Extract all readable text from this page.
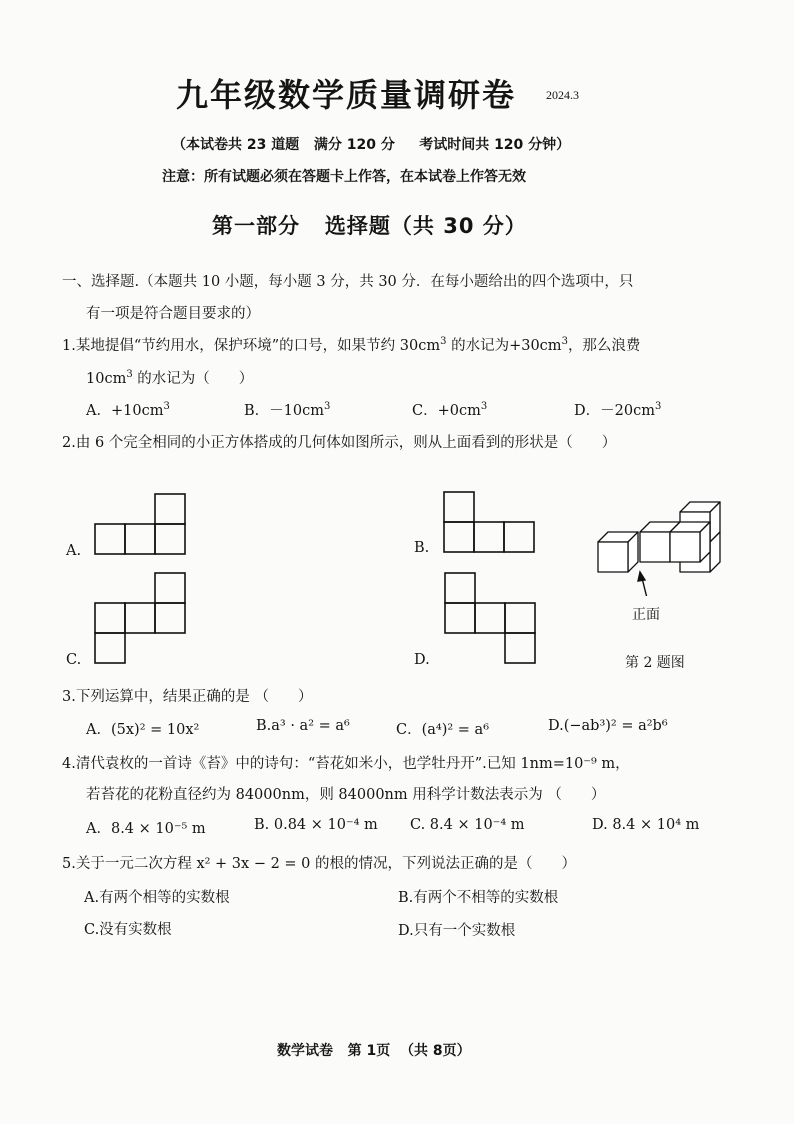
九年级数学质量调研卷 2024.3
（本试卷共 23 道题   满分 120 分     考试时间共 120 分钟）
注意：所有试题必须在答题卡上作答，在本试卷上作答无效
第一部分   选择题（共 30 分）
一、选择题.（本题共 10 小题，每小题 3 分，共 30 分．在每小题给出的四个选项中，只
有一项是符合题目要求的）
1.某地提倡“节约用水，保护环境”的口号，如果节约 $30cm^3$ 的水记为$+30cm^3$，那么浪费
$10cm^3$ 的水记为（　　）
A．$+10cm^3$	B．$-10cm^3$	C．$+0cm^3$	D．$-20cm^3$
2.由 6 个完全相同的小正方体搭成的几何体如图所示，则从上面看到的形状是（　　）
A.	B.
C.	D.
正面
第 2 题图
3.下列运算中，结果正确的是 （　　）
A．(5x)² = 10x²	B.a³ · a² = a⁶	C．(a⁴)² = a⁶	D.(−ab³)² = a²b⁶
4.清代袁枚的一首诗《苔》中的诗句：“苔花如米小，也学牡丹开”.已知 1nm=10⁻⁹ m，
若苔花的花粉直径约为 84000nm，则 84000nm 用科学计数法表示为 （　　）
A．8.4 × 10⁻⁵ m	B. 0.84 × 10⁻⁴ m C. 8.4 × 10⁻⁴ m	D. 8.4 × 10⁴ m
5.关于一元二次方程 x² + 3x − 2 = 0 的根的情况，下列说法正确的是（　　）
A.有两个相等的实数根	B.有两个不相等的实数根
C.没有实数根	D.只有一个实数根
数学试卷   第 1页  （共 8页）
